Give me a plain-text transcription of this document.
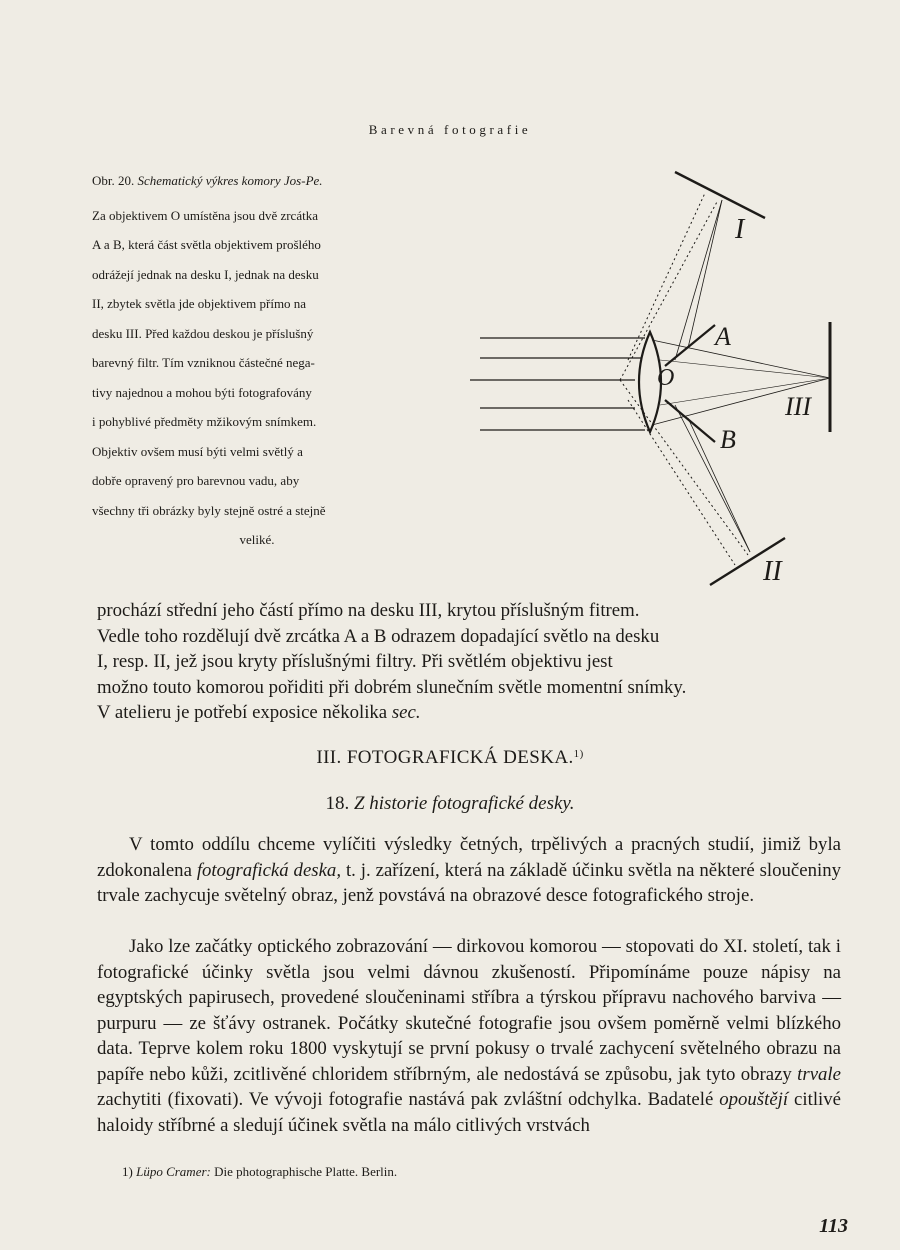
Barevná fotografie

Obr. 20. Schematický výkres komory Jos-Pe.

Za objektivem O umístěna jsou dvě zrcátka

A a B, která část světla objektivem prošlého

odrážejí jednak na desku I, jednak na desku

II, zbytek světla jde objektivem přímo na

desku III. Před každou deskou je příslušný

barevný filtr. Tím vzniknou částečné nega-

tivy najednou a mohou býti fotografovány

i pohyblivé předměty mžikovým snímkem.

Objektiv ovšem musí býti velmi světlý a

dobře opravený pro barevnou vadu, aby

všechny tři obrázky byly stejně ostré a stejně

veliké.

I
A
O
III
B
II

prochází střední jeho částí přímo na desku III, krytou příslušným fitrem.

Vedle toho rozdělují dvě zrcátka A a B odrazem dopadající světlo na desku

I, resp. II, jež jsou kryty příslušnými filtry. Při světlém objektivu jest

možno touto komorou pořiditi při dobrém slunečním světle momentní snímky.

V atelieru je potřebí exposice několika sec.

III. FOTOGRAFICKÁ DESKA.$^{1)}$
18. Z historie fotografické desky.

V tomto oddílu chceme vylíčiti výsledky četných, trpělivých a pracných studií, jimiž byla zdokonalena fotografická deska, t. j. zařízení, která na základě účinku světla na některé sloučeniny trvale zachycuje světelný obraz, jenž povstává na obrazové desce fotografického stroje.

Jako lze začátky optického zobrazování — dirkovou komorou — stopovati do XI. století, tak i fotografické účinky světla jsou velmi dávnou zkušeností. Připomínáme pouze nápisy na egyptských papirusech, provedené sloučeninami stříbra a týrskou přípravu nachového barviva — purpuru — ze šťávy ostranek. Počátky skutečné fotografie jsou ovšem poměrně velmi blízkého data. Teprve kolem roku 1800 vyskytují se první pokusy o trvalé zachycení světelného obrazu na papíře nebo kůži, zcitlivěné chloridem stříbrným, ale nedostává se způsobu, jak tyto obrazy trvale zachytiti (fixovati). Ve vývoji fotografie nastává pak zvláštní odchylka. Badatelé opouštějí citlivé haloidy stříbrné a sledují účinek světla na málo citlivých vrstvách

1) Lüpo Cramer: Die photographische Platte. Berlin.
113
